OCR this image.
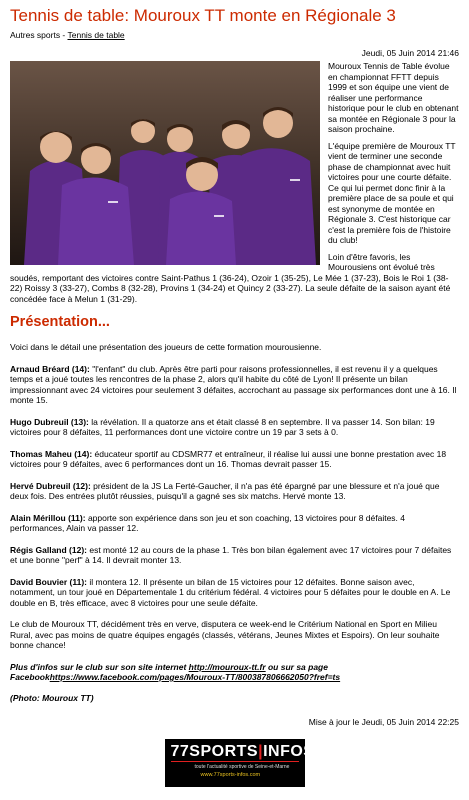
Tennis de table: Mouroux TT monte en Régionale 3
Autres sports - Tennis de table
Jeudi, 05 Juin 2014 21:46

Mouroux Tennis de Table évolue en championnat FFTT depuis 1999 et son équipe une vient de réaliser une performance historique pour le club en obtenant sa montée en Régionale 3 pour la saison prochaine.

L'équipe première de Mouroux TT vient de terminer une seconde phase de championnat avec huit victoires pour une courte défaite. Ce qui lui permet donc finir à la première place de sa poule et qui est synonyme de montée en Régionale 3. C'est historique car c'est la première fois de l'histoire du club!

Loin d'être favoris, les Mourousiens ont évolué très soudés, remportant des victoires contre Saint-Pathus 1 (36-24), Ozoir 1 (35-25), Le Mée 1 (37-23), Bois le Roi 1 (38-22) Roissy 3 (33-27), Combs 8 (32-28), Provins 1 (34-24) et Quincy 2 (33-27). La seule défaite de la saison ayant été concédée face à Melun 1 (31-29).
Présentation...

Voici dans le détail une présentation des joueurs de cette formation mourousienne.

Arnaud Bréard (14): "l'enfant" du club. Après être parti pour raisons professionnelles, il est revenu il y a quelques temps et a joué toutes les rencontres de la phase 2, alors qu'il habite du côté de Lyon! Il présente un bilan impressionnant avec 24 victoires pour seulement 3 défaites, accrochant au passage six performances dont une à 16. Il monte 15.

Hugo Dubreuil (13): la révélation. Il a quatorze ans et était classé 8 en septembre. Il va passer 14. Son bilan: 19 victoires pour 8 défaites, 11 performances dont une victoire contre un 19 par 3 sets à 0.

Thomas Maheu (14): éducateur sportif au CDSMR77 et entraîneur, il réalise lui aussi une bonne prestation avec 18 victoires pour 9 défaites, avec 6 performances dont un 16. Thomas devrait passer 15.

Hervé Dubreuil (12): président de la JS La Ferté-Gaucher, il n'a pas été épargné par une blessure et n'a joué que deux fois. Des entrées plutôt réussies, puisqu'il a gagné ses six matchs. Hervé monte 13.

Alain Mérillou (11): apporte son expérience dans son jeu et son coaching, 13 victoires pour 8 défaites. 4 performances, Alain va passer 12.

Régis Galland (12): est monté 12 au cours de la phase 1. Très bon bilan également avec 17 victoires pour 7 défaites et une bonne "perf" à 14. Il devrait monter 13.

David Bouvier (11): il montera 12. Il présente un bilan de 15 victoires pour 12 défaites. Bonne saison avec, notamment, un tour joué en Départementale 1 du critérium fédéral. 4 victoires pour 5 défaites pour le double en A. Le double en B, très efficace, avec 8 victoires pour une seule défaite.

Le club de Mouroux TT, décidément très en verve, disputera ce week-end le Critérium National en Sport en Milieu Rural, avec pas moins de quatre équipes engagés (classés, vétérans, Jeunes Mixtes et Espoirs). On leur souhaite bonne chance!

Plus d'infos sur le club sur son site internet http://mouroux-tt.fr ou sur sa page Facebookhttps://www.facebook.com/pages/Mouroux-TT/800387806662050?fref=ts
(Photo: Mouroux TT)
Mise à jour le Jeudi, 05 Juin 2014 22:25
77SPORTS|INFOS
toute l'actualité sportive de Seine-et-Marne
www.77sports-infos.com
